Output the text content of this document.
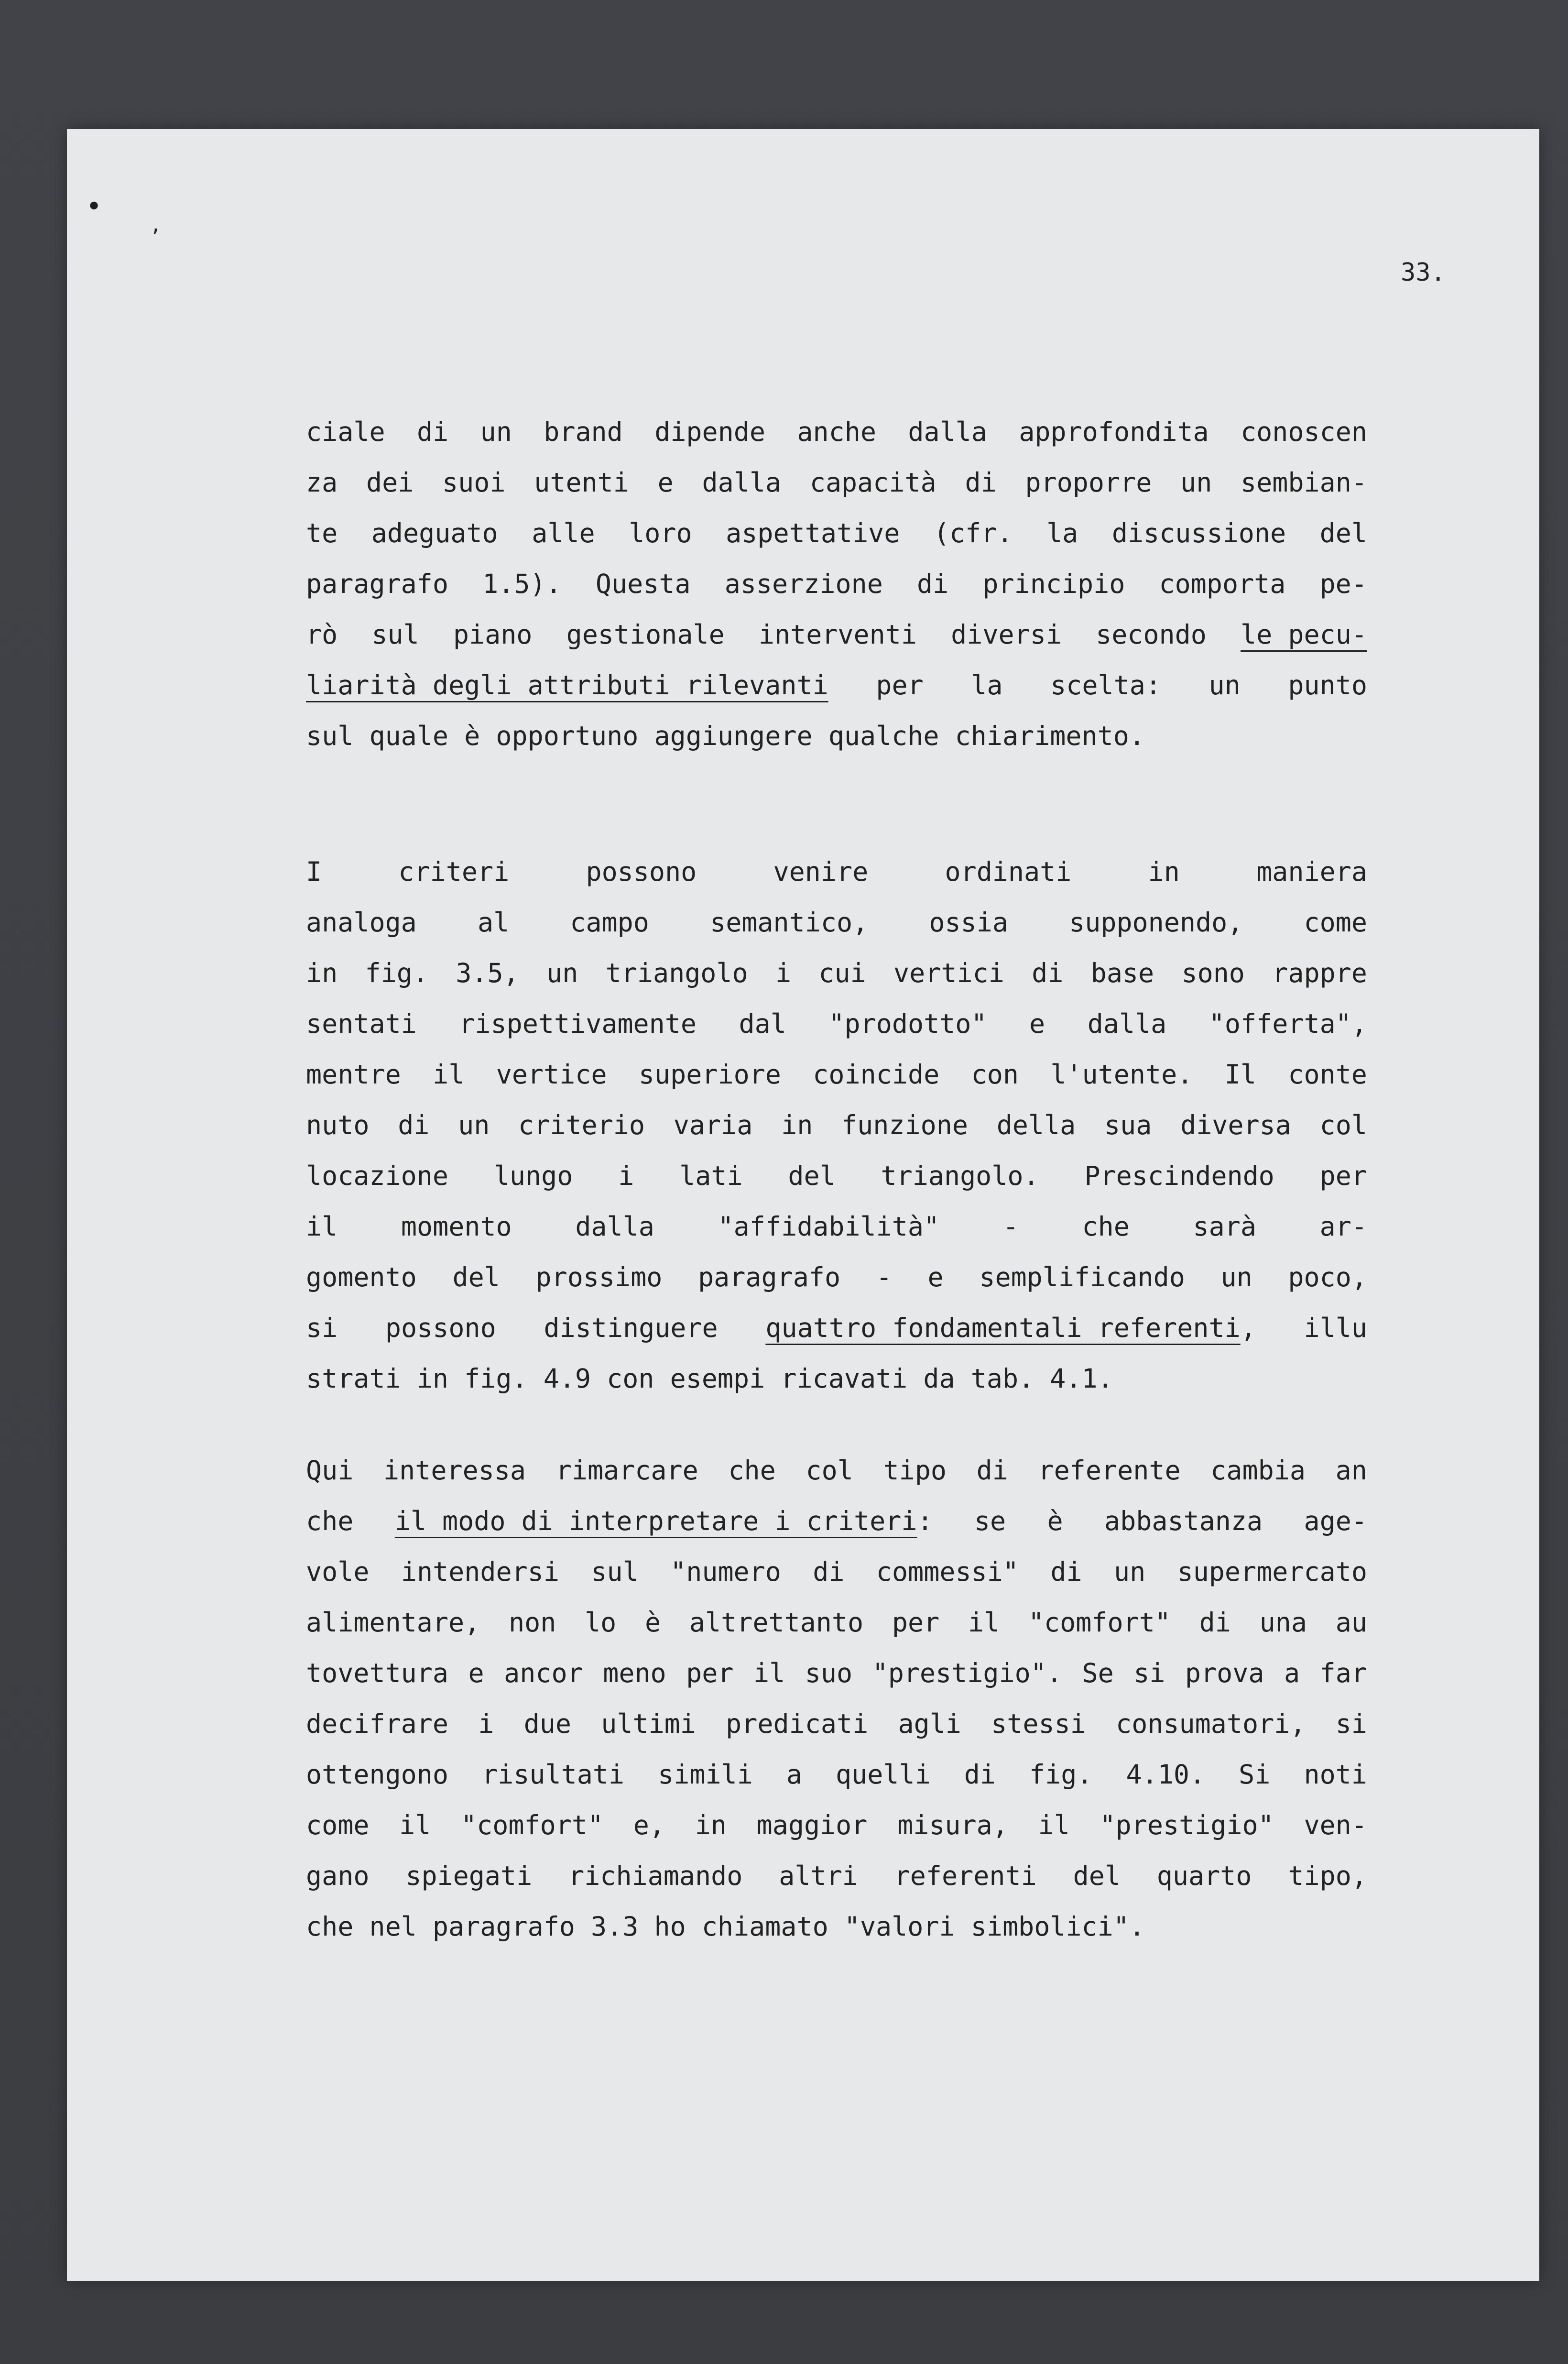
•
,
33.
ciale di un brand dipende anche dalla approfondita conoscen
za dei suoi utenti e dalla capacità di proporre un sembian-
te adeguato alle loro aspettative (cfr. la discussione del
paragrafo 1.5). Questa asserzione di principio comporta pe-
rò sul piano gestionale interventi diversi secondo le pecu-
liarità degli attributi rilevanti per la scelta: un punto
sul quale è opportuno aggiungere qualche chiarimento.
I	criteri	possono	venire	ordinati	in	maniera
analoga al campo semantico, ossia supponendo, come
in fig. 3.5, un triangolo i cui vertici di base sono rappre
sentati rispettivamente dal "prodotto" e dalla "offerta",
mentre il vertice superiore coincide con l'utente. Il conte
nuto di un criterio varia in funzione della sua diversa col
locazione lungo i lati del triangolo. Prescindendo per
il momento dalla "affidabilità" - che sarà ar-
gomento del prossimo paragrafo - e semplificando un poco,
si possono distinguere quattro fondamentali referenti, illu
strati in fig. 4.9 con esempi ricavati da tab. 4.1.
Qui interessa rimarcare che col tipo di referente cambia an
che il modo di interpretare i criteri: se è abbastanza age-
vole intendersi sul "numero di commessi" di un supermercato
alimentare, non lo è altrettanto per il "comfort" di una au
tovettura e ancor meno per il suo "prestigio". Se si prova a far
decifrare i due ultimi predicati agli stessi consumatori, si
ottengono risultati simili a quelli di fig. 4.10. Si noti
come il "comfort" e, in maggior misura, il "prestigio" ven-
gano spiegati richiamando altri referenti del quarto tipo,
che nel paragrafo 3.3 ho chiamato "valori simbolici".
